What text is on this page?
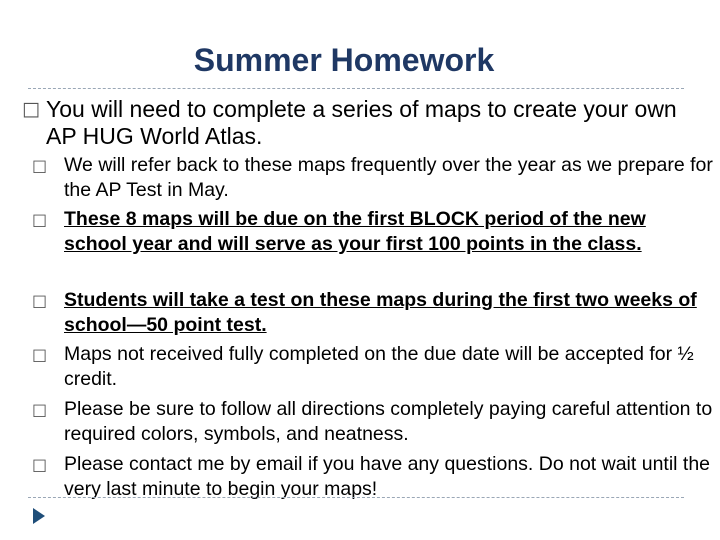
Summer Homework
□ You will need to complete a series of maps to create your own AP HUG World Atlas.
□ We will refer back to these maps frequently over the year as we prepare for the AP Test in May.
□ These 8 maps will be due on the first BLOCK period of the new school year and will serve as your first 100 points in the class.
□ Students will take a test on these maps during the first two weeks of school—50 point test.
□ Maps not received fully completed on the due date will be accepted for ½ credit.
□ Please be sure to follow all directions completely paying careful attention to required colors, symbols, and neatness.
□ Please contact me by email if you have any questions. Do not wait until the very last minute to begin your maps!
